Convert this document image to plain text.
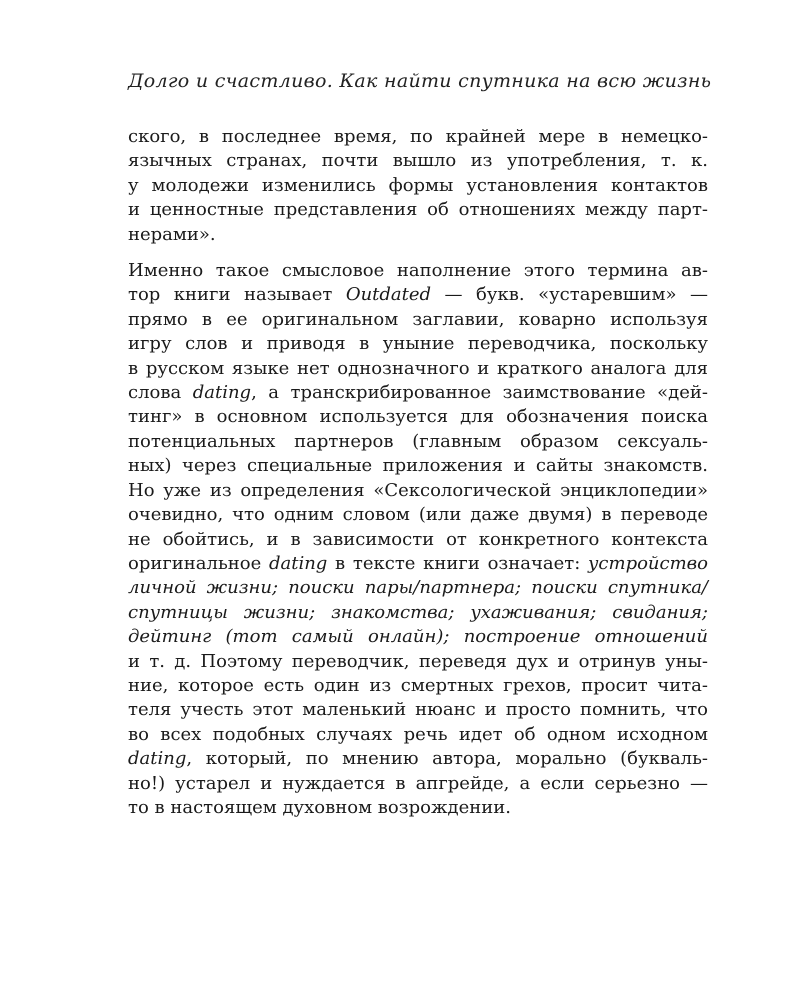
Долго и счастливо. Как найти спутника на всю жизнь
ского, в последнее время, по крайней мере в немецко-
язычных странах, почти вышло из употребления, т. к.
у молодежи изменились формы установления контактов
и ценностные представления об отношениях между парт-
нерами».
Именно такое смысловое наполнение этого термина ав-
тор книги называет Outdated — букв. «устаревшим» —
прямо в ее оригинальном заглавии, коварно используя
игру слов и приводя в уныние переводчика, поскольку
в русском языке нет однозначного и краткого аналога для
слова dating, а транскрибированное заимствование «дей-
тинг» в основном используется для обозначения поиска
потенциальных партнеров (главным образом сексуаль-
ных) через специальные приложения и сайты знакомств.
Но уже из определения «Сексологической энциклопедии»
очевидно, что одним словом (или даже двумя) в переводе
не обойтись, и в зависимости от конкретного контекста
оригинальное dating в тексте книги означает: устройство
личной жизни; поиски пары/партнера; поиски спутника/
спутницы жизни; знакомства; ухаживания; свидания;
дейтинг (тот самый онлайн); построение отношений
и т. д. Поэтому переводчик, переведя дух и отринув уны-
ние, которое есть один из смертных грехов, просит чита-
теля учесть этот маленький нюанс и просто помнить, что
во всех подобных случаях речь идет об одном исходном
dating, который, по мнению автора, морально (букваль-
но!) устарел и нуждается в апгрейде, а если серьезно —
то в настоящем духовном возрождении.
